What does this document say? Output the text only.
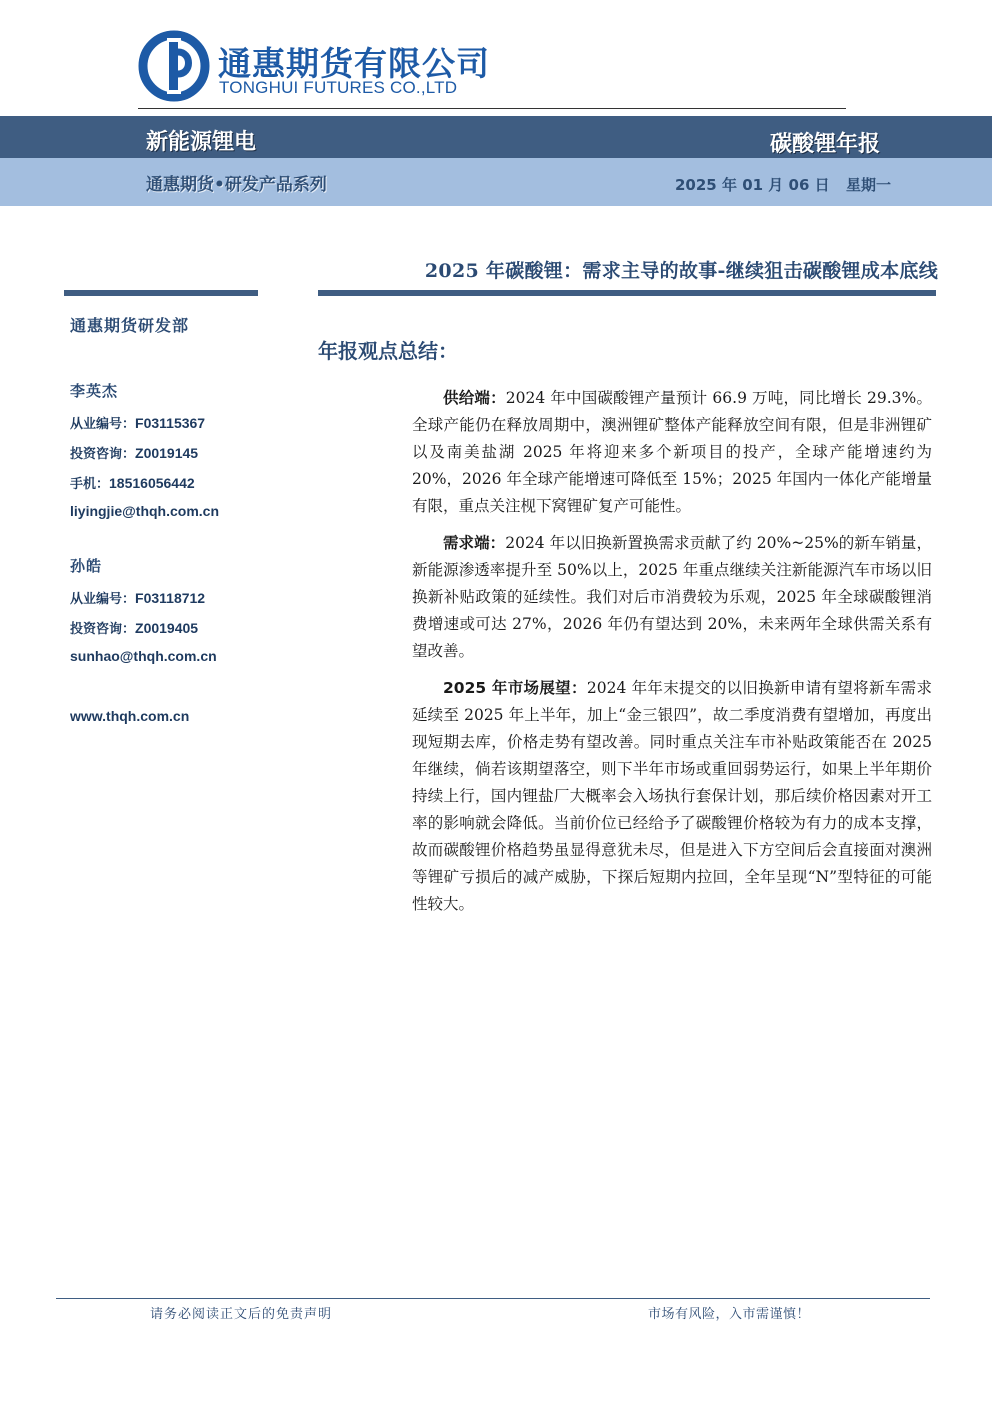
通惠期货有限公司
TONGHUI FUTURES CO.,LTD
新能源锂电	碳酸锂年报
通惠期货•研发产品系列	2025 年 01 月 06 日 星期一
2025 年碳酸锂：需求主导的故事-继续狙击碳酸锂成本底线
通惠期货研发部
李英杰
从业编号：F03115367
投资咨询：Z0019145
手机：18516056442
liyingjie@thqh.com.cn
孙皓
从业编号：F03118712
投资咨询：Z0019405
sunhao@thqh.com.cn
www.thqh.com.cn
年报观点总结：

供给端：2024 年中国碳酸锂产量预计 66.9 万吨，同比增长 29.3%。全球产能仍在释放周期中，澳洲锂矿整体产能释放空间有限，但是非洲锂矿以及南美盐湖 2025 年将迎来多个新项目的投产，全球产能增速约为 20%，2026 年全球产能增速可降低至 15%；2025 年国内一体化产能增量有限，重点关注枧下窝锂矿复产可能性。

需求端：2024 年以旧换新置换需求贡献了约 20%~25%的新车销量，新能源渗透率提升至 50%以上，2025 年重点继续关注新能源汽车市场以旧换新补贴政策的延续性。我们对后市消费较为乐观，2025 年全球碳酸锂消费增速或可达 27%，2026 年仍有望达到 20%，未来两年全球供需关系有望改善。

2025 年市场展望：2024 年年末提交的以旧换新申请有望将新车需求延续至 2025 年上半年，加上“金三银四”，故二季度消费有望增加，再度出现短期去库，价格走势有望改善。同时重点关注车市补贴政策能否在 2025 年继续，倘若该期望落空，则下半年市场或重回弱势运行，如果上半年期价持续上行，国内锂盐厂大概率会入场执行套保计划，那后续价格因素对开工率的影响就会降低。当前价位已经给予了碳酸锂价格较为有力的成本支撑，故而碳酸锂价格趋势虽显得意犹未尽，但是进入下方空间后会直接面对澳洲等锂矿亏损后的减产威胁，下探后短期内拉回，全年呈现“N”型特征的可能性较大。

请务必阅读正文后的免责声明	市场有风险，入市需谨慎！
